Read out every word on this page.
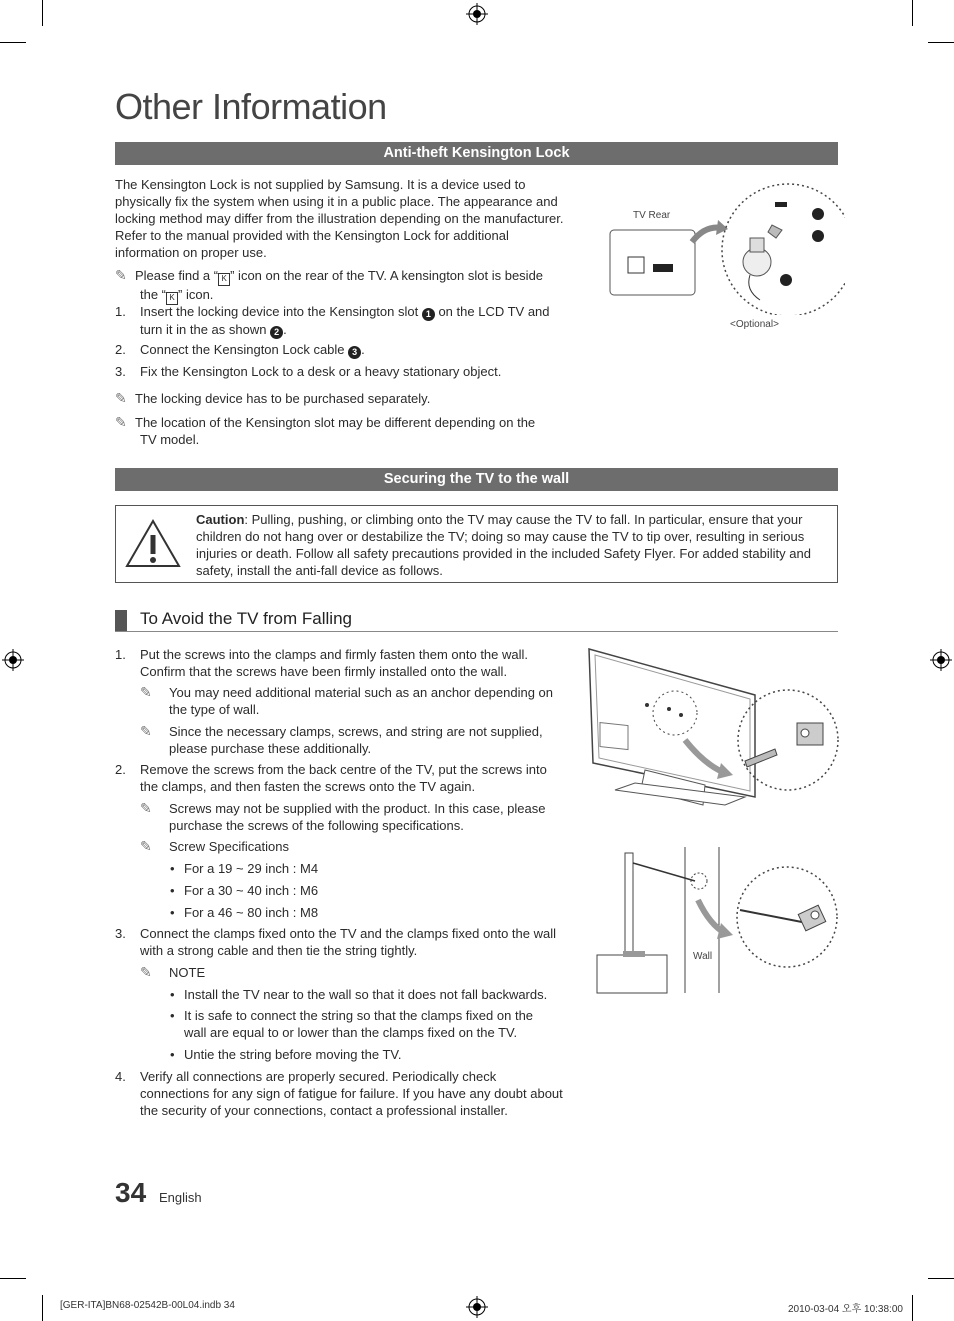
Other Information
Anti-theft Kensington Lock
The Kensington Lock is not supplied by Samsung. It is a device used to
physically fix the system when using it in a public place. The appearance and
locking method may differ from the illustration depending on the manufacturer.
Refer to the manual provided with the Kensington Lock for additional
information on proper use.
✎ Please find a “ K ” icon on the rear of the TV. A kensington slot is beside
the “ K ” icon.
1.	Insert the locking device into the Kensington slot 1 on the LCD TV and
turn it in the as shown 2 .
2.	Connect the Kensington Lock cable 3 .
3.	Fix the Kensington Lock to a desk or a heavy stationary object.
✎ The locking device has to be purchased separately.
✎ The location of the Kensington slot may be different depending on the
TV model.
TV Rear
<Optional>
Securing the TV to the wall
Caution: Pulling, pushing, or climbing onto the TV may cause the TV to fall. In particular, ensure that your
children do not hang over or destabilize the TV; doing so may cause the TV to tip over, resulting in serious
injuries or death. Follow all safety precautions provided in the included Safety Flyer. For added stability and
safety, install the anti-fall device as follows.
To Avoid the TV from Falling
1.	Put the screws into the clamps and firmly fasten them onto the wall.
Confirm that the screws have been firmly installed onto the wall.
✎ You may need additional material such as an anchor depending on
the type of wall.
✎ Since the necessary clamps, screws, and string are not supplied,
please purchase these additionally.
2.	Remove the screws from the back centre of the TV, put the screws into
the clamps, and then fasten the screws onto the TV again.
✎ Screws may not be supplied with the product. In this case, please
purchase the screws of the following specifications.
✎ Screw Specifications
• For a 19 ~ 29 inch : M4
• For a 30 ~ 40 inch : M6
• For a 46 ~ 80 inch : M8
3.	Connect the clamps fixed onto the TV and the clamps fixed onto the wall
with a strong cable and then tie the string tightly.
✎ NOTE
• Install the TV near to the wall so that it does not fall backwards.
• It is safe to connect the string so that the clamps fixed on the
wall are equal to or lower than the clamps fixed on the TV.
• Untie the string before moving the TV.
4.	Verify all connections are properly secured. Periodically check
connections for any sign of fatigue for failure. If you have any doubt about
the security of your connections, contact a professional installer.
Wall
34 English
[GER-ITA]BN68-02542B-00L04.indb 34	2010-03-04 오후 10:38:00
